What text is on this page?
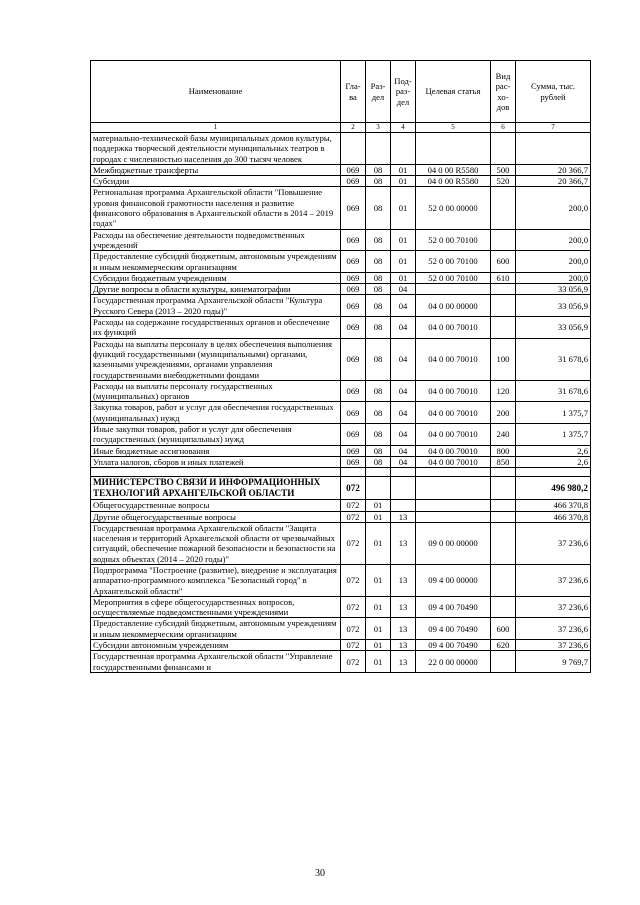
Наименование	Гла-ва	Раз-дел	Под-раз-дел	Целевая статья	Вид рас-хо-дов	Сумма, тыс. рублей
1	2	3	4	5	6	7
материально-технической базы муниципальных домов культуры, поддержка творческой деятельности муниципальных театров в городах с численностью населения до 300 тысяч человек						
Межбюджетные трансферты	069	08	01	04 0 00 R5580	500	20 366,7
Субсидии	069	08	01	04 0 00 R5580	520	20 366,7
Региональная программа Архангельской области "Повышение уровня финансовой грамотности населения и развитие финансового образования в Архангельской области в 2014 – 2019 годах"	069	08	01	52 0 00 00000		200,0
Расходы на обеспечение деятельности подведомственных учреждений	069	08	01	52 0 00 70100		200,0
Предоставление субсидий бюджетным, автономным учреждениям и иным некоммерческим организациям	069	08	01	52 0 00 70100	600	200,0
Субсидии бюджетным учреждениям	069	08	01	52 0 00 70100	610	200,0
Другие вопросы в области культуры, кинематографии	069	08	04			33 056,9
Государственная программа Архангельской области "Культура Русского Севера (2013 – 2020 годы)"	069	08	04	04 0 00 00000		33 056,9
Расходы на содержание государственных органов и обеспечение их функций	069	08	04	04 0 00 70010		33 056,9
Расходы на выплаты персоналу в целях обеспечения выполнения функций государственными (муниципальными) органами, казенными учреждениями, органами управления государственными внебюджетными фондами	069	08	04	04 0 00 70010	100	31 678,6
Расходы на выплаты персоналу государственных (муниципальных) органов	069	08	04	04 0 00 70010	120	31 678,6
Закупка товаров, работ и услуг для обеспечения государственных (муниципальных) нужд	069	08	04	04 0 00 70010	200	1 375,7
Иные закупки товаров, работ и услуг для обеспечения государственных (муниципальных) нужд	069	08	04	04 0 00 70010	240	1 375,7
Иные бюджетные ассигнования	069	08	04	04 0 00 70010	800	2,6
Уплата налогов, сборов и иных платежей	069	08	04	04 0 00 70010	850	2,6

МИНИСТЕРСТВО СВЯЗИ И ИНФОРМАЦИОННЫХ ТЕХНОЛОГИЙ АРХАНГЕЛЬСКОЙ ОБЛАСТИ	072					496 980,2
Общегосударственные вопросы	072	01				466 370,8
Другие общегосударственные вопросы	072	01	13			466 370,8
Государственная программа Архангельской области "Защита населения и территорий Архангельской области от чрезвычайных ситуаций, обеспечение пожарной безопасности и безопасности на водных объектах (2014 – 2020 годы)"	072	01	13	09 0 00 00000		37 236,6
Подпрограмма "Построение (развитие), внедрение и эксплуатация аппаратно-программного комплекса "Безопасный город" в Архангельской области"	072	01	13	09 4 00 00000		37 236,6
Мероприятия в сфере общегосударственных вопросов, осуществляемые подведомственными учреждениями	072	01	13	09 4 00 70490		37 236,6
Предоставление субсидий бюджетным, автономным учреждениям и иным некоммерческим организациям	072	01	13	09 4 00 70490	600	37 236,6
Субсидии автономным учреждениям	072	01	13	09 4 00 70490	620	37 236,6
Государственная программа Архангельской области "Управление государственными финансами и	072	01	13	22 0 00 00000		9 769,7
30
